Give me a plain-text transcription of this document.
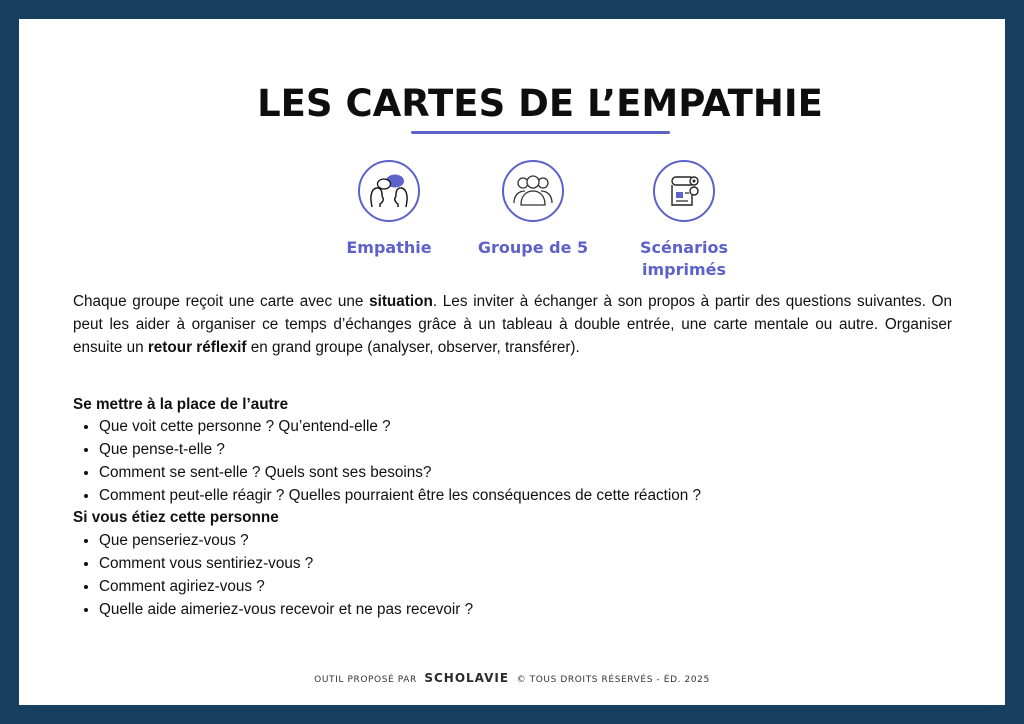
LES CARTES DE L’EMPATHIE
Empathie	Groupe de 5	Scénarios
imprimés

Chaque groupe reçoit une carte avec une situation. Les inviter à échanger à son propos à partir des questions suivantes. On peut les aider à organiser ce temps d’échanges grâce à un tableau à double entrée, une carte mentale ou autre. Organiser ensuite un retour réflexif en grand groupe (analyser, observer, transférer).

Se mettre à la place de l’autre

• Que voit cette personne ? Qu’entend-elle ?
• Que pense-t-elle ?
• Comment se sent-elle ? Quels sont ses besoins?
• Comment peut-elle réagir ? Quelles pourraient être les conséquences de cette réaction ?

Si vous étiez cette personne

• Que penseriez-vous ?
• Comment vous sentiriez-vous ?
• Comment agiriez-vous ?
• Quelle aide aimeriez-vous recevoir et ne pas recevoir ?
OUTIL PROPOSÉ PAR SCHOLAVIE © TOUS DROITS RÉSERVÉS - ÉD. 2025
